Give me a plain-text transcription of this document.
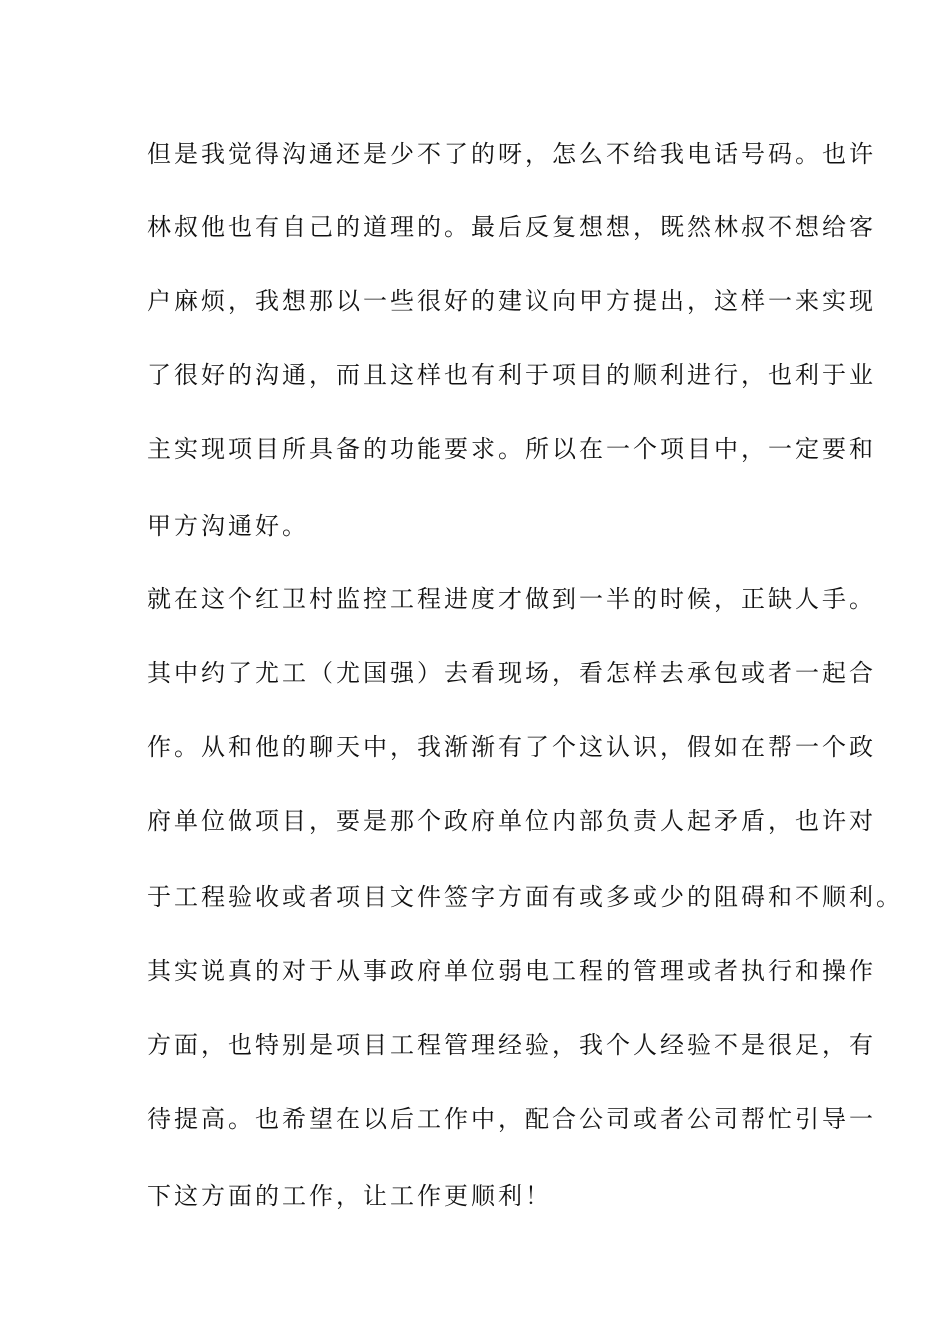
但是我觉得沟通还是少不了的呀，怎么不给我电话号码。也许
林叔他也有自己的道理的。最后反复想想，既然林叔不想给客
户麻烦，我想那以一些很好的建议向甲方提出，这样一来实现
了很好的沟通，而且这样也有利于项目的顺利进行，也利于业
主实现项目所具备的功能要求。所以在一个项目中，一定要和
甲方沟通好。
就在这个红卫村监控工程进度才做到一半的时候，正缺人手。
其中约了尤工（尤国强）去看现场，看怎样去承包或者一起合
作。从和他的聊天中，我渐渐有了个这认识，假如在帮一个政
府单位做项目，要是那个政府单位内部负责人起矛盾，也许对
于工程验收或者项目文件签字方面有或多或少的阻碍和不顺利。
其实说真的对于从事政府单位弱电工程的管理或者执行和操作
方面，也特别是项目工程管理经验，我个人经验不是很足，有
待提高。也希望在以后工作中，配合公司或者公司帮忙引导一
下这方面的工作，让工作更顺利！
